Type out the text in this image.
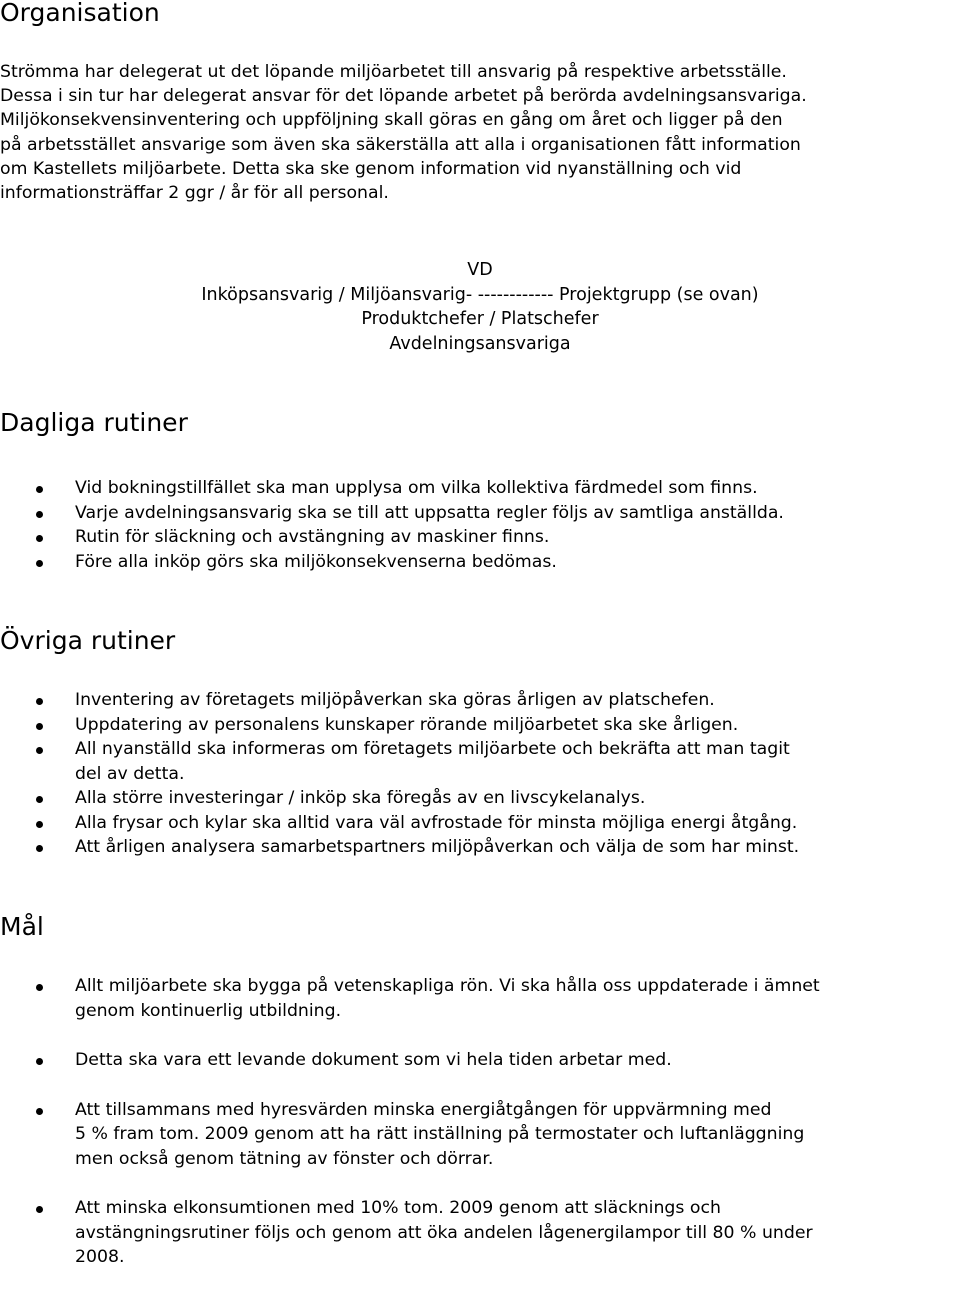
Organisation
Strömma har delegerat ut det löpande miljöarbetet till ansvarig på respektive arbetsställe.
Dessa i sin tur har delegerat ansvar för det löpande arbetet på berörda avdelningsansvariga.
Miljökonsekvensinventering och uppföljning skall göras en gång om året och ligger på den
på arbetsstället ansvarige som även ska säkerställa att alla i organisationen fått information
om Kastellets miljöarbete. Detta ska ske genom information vid nyanställning och vid
informationsträffar 2 ggr / år för all personal.
VD
Inköpsansvarig / Miljöansvarig- ------------ Projektgrupp (se ovan)
Produktchefer / Platschefer
Avdelningsansvariga
Dagliga rutiner
Vid bokningstillfället ska man upplysa om vilka kollektiva färdmedel som finns.
Varje avdelningsansvarig ska se till att uppsatta regler följs av samtliga anställda.
Rutin för släckning och avstängning av maskiner finns.
Före alla inköp görs ska miljökonsekvenserna bedömas.
Övriga rutiner
Inventering av företagets miljöpåverkan ska göras årligen av platschefen.
Uppdatering av personalens kunskaper rörande miljöarbetet ska ske årligen.
All nyanställd ska informeras om företagets miljöarbete och bekräfta att man tagit
del av detta.
Alla större investeringar / inköp ska föregås av en livscykelanalys.
Alla frysar och kylar ska alltid vara väl avfrostade för minsta möjliga energi åtgång.
Att årligen analysera samarbetspartners miljöpåverkan och välja de som har minst.
Mål
Allt miljöarbete ska bygga på vetenskapliga rön. Vi ska hålla oss uppdaterade i ämnet
genom kontinuerlig utbildning.
Detta ska vara ett levande dokument som vi hela tiden arbetar med.
Att tillsammans med hyresvärden minska energiåtgången för uppvärmning med
5 % fram tom. 2009 genom att ha rätt inställning på termostater och luftanläggning
men också genom tätning av fönster och dörrar.
Att minska elkonsumtionen med 10% tom. 2009 genom att släcknings och
avstängningsrutiner följs och genom att öka andelen lågenergilampor till 80 % under
2008.
